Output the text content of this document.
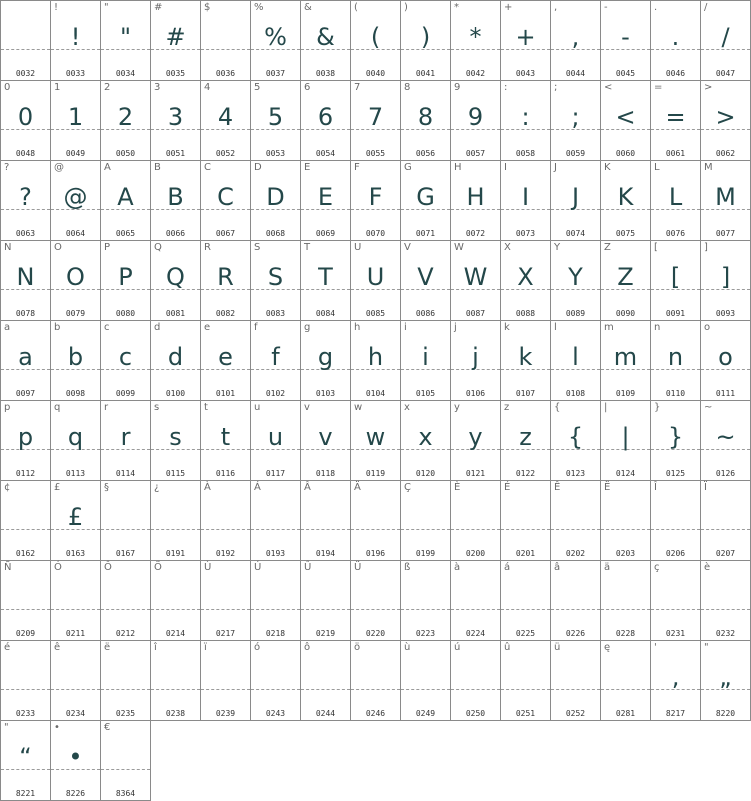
0032
!
!
0033
"
"
0034
#
#
0035
$
0036
%
%
0037
&
&
0038
(
(
0040
)
)
0041
*
*
0042
+
+
0043
,
,
0044
-
-
0045
.
.
0046
/
/
0047
0
0
0048
1
1
0049
2
2
0050
3
3
0051
4
4
0052
5
5
0053
6
6
0054
7
7
0055
8
8
0056
9
9
0057
:
:
0058
;
;
0059
<
<
0060
=
=
0061
>
>
0062
?
?
0063
@
@
0064
A
A
0065
B
B
0066
C
C
0067
D
D
0068
E
E
0069
F
F
0070
G
G
0071
H
H
0072
I
I
0073
J
J
0074
K
K
0075
L
L
0076
M
M
0077
N
N
0078
O
O
0079
P
P
0080
Q
Q
0081
R
R
0082
S
S
0083
T
T
0084
U
U
0085
V
V
0086
W
W
0087
X
X
0088
Y
Y
0089
Z
Z
0090
[
[
0091
]
]
0093
a
a
0097
b
b
0098
c
c
0099
d
d
0100
e
e
0101
f
f
0102
g
g
0103
h
h
0104
i
i
0105
j
j
0106
k
k
0107
l
l
0108
m
m
0109
n
n
0110
o
o
0111
p
p
0112
q
q
0113
r
r
0114
s
s
0115
t
t
0116
u
u
0117
v
v
0118
w
w
0119
x
x
0120
y
y
0121
z
z
0122
{
{
0123
|
|
0124
}
}
0125
~
~
0126
¢
0162
£
£
0163
§
0167
¿
0191
À
0192
Á
0193
Â
0194
Ä
0196
Ç
0199
È
0200
É
0201
Ê
0202
Ë
0203
Î
0206
Ï
0207
Ñ
0209
Ó
0211
Ô
0212
Ö
0214
Ù
0217
Ú
0218
Û
0219
Ü
0220
ß
0223
à
0224
á
0225
â
0226
ä
0228
ç
0231
è
0232
é
0233
ê
0234
ë
0235
î
0238
ï
0239
ó
0243
ô
0244
ö
0246
ù
0249
ú
0250
û
0251
ü
0252
ę
0281
'
‚
8217
"
„
8220
"
“
8221
•
•
8226
€
8364
